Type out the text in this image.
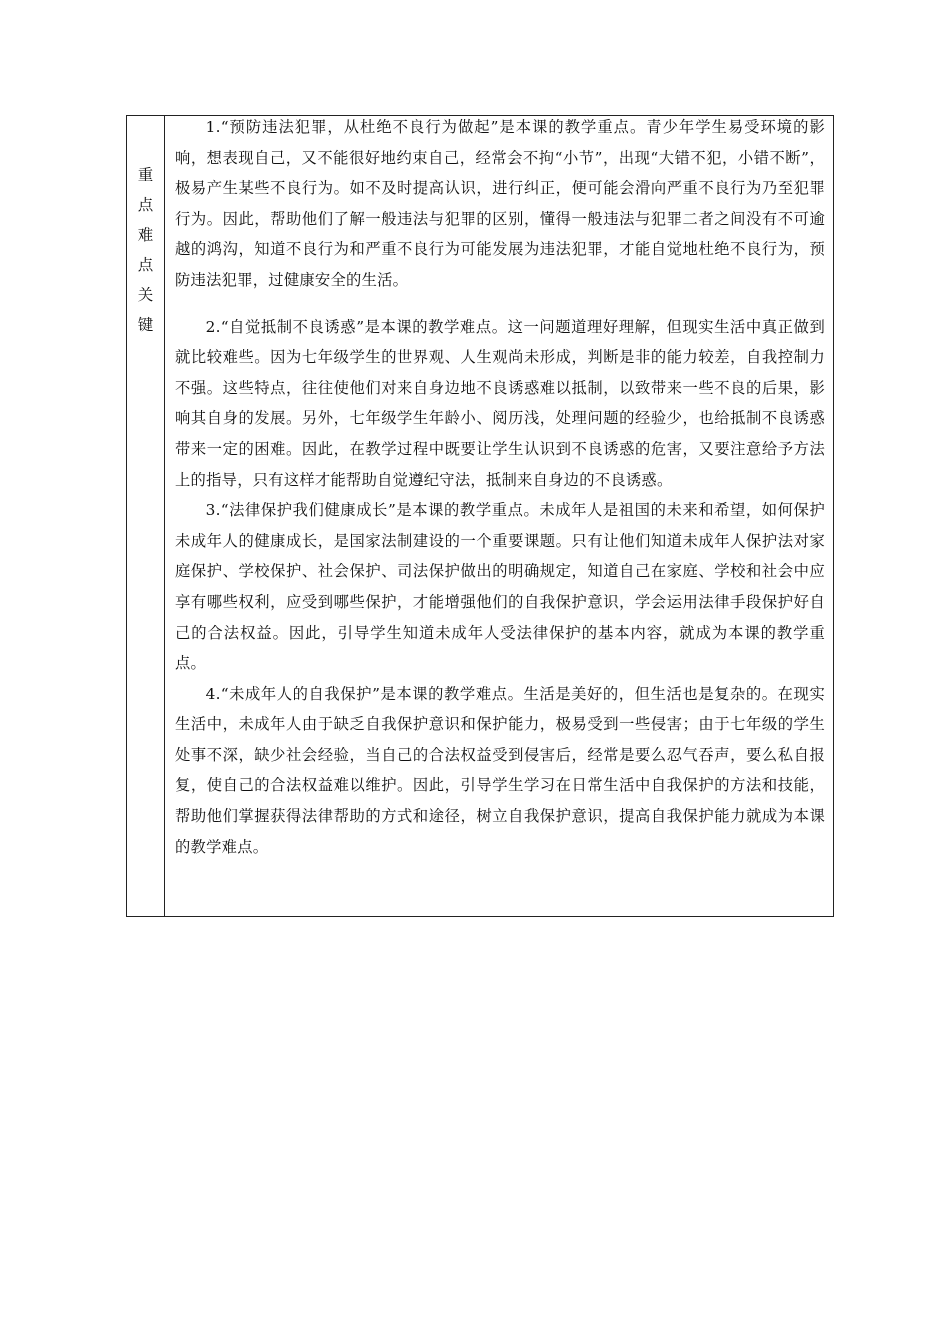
重
点
难
点
关
键

1.“预防违法犯罪，从杜绝不良行为做起”是本课的教学重点。青少年学生易受环境的影响，想表现自己，又不能很好地约束自己，经常会不拘“小节”，出现“大错不犯，小错不断”，极易产生某些不良行为。如不及时提高认识，进行纠正，便可能会滑向严重不良行为乃至犯罪行为。因此，帮助他们了解一般违法与犯罪的区别，懂得一般违法与犯罪二者之间没有不可逾越的鸿沟，知道不良行为和严重不良行为可能发展为违法犯罪，才能自觉地杜绝不良行为，预防违法犯罪，过健康安全的生活。

2.“自觉抵制不良诱惑”是本课的教学难点。这一问题道理好理解，但现实生活中真正做到就比较难些。因为七年级学生的世界观、人生观尚未形成，判断是非的能力较差，自我控制力不强。这些特点，往往使他们对来自身边地不良诱惑难以抵制，以致带来一些不良的后果，影响其自身的发展。另外，七年级学生年龄小、阅历浅，处理问题的经验少，也给抵制不良诱惑带来一定的困难。因此，在教学过程中既要让学生认识到不良诱惑的危害，又要注意给予方法上的指导，只有这样才能帮助自觉遵纪守法，抵制来自身边的不良诱惑。

3.“法律保护我们健康成长”是本课的教学重点。未成年人是祖国的未来和希望，如何保护未成年人的健康成长，是国家法制建设的一个重要课题。只有让他们知道未成年人保护法对家庭保护、学校保护、社会保护、司法保护做出的明确规定，知道自己在家庭、学校和社会中应享有哪些权利，应受到哪些保护，才能增强他们的自我保护意识，学会运用法律手段保护好自己的合法权益。因此，引导学生知道未成年人受法律保护的基本内容，就成为本课的教学重点。

4.“未成年人的自我保护”是本课的教学难点。生活是美好的，但生活也是复杂的。在现实生活中，未成年人由于缺乏自我保护意识和保护能力，极易受到一些侵害；由于七年级的学生处事不深，缺少社会经验，当自己的合法权益受到侵害后，经常是要么忍气吞声，要么私自报复，使自己的合法权益难以维护。因此，引导学生学习在日常生活中自我保护的方法和技能，帮助他们掌握获得法律帮助的方式和途径，树立自我保护意识，提高自我保护能力就成为本课的教学难点。
